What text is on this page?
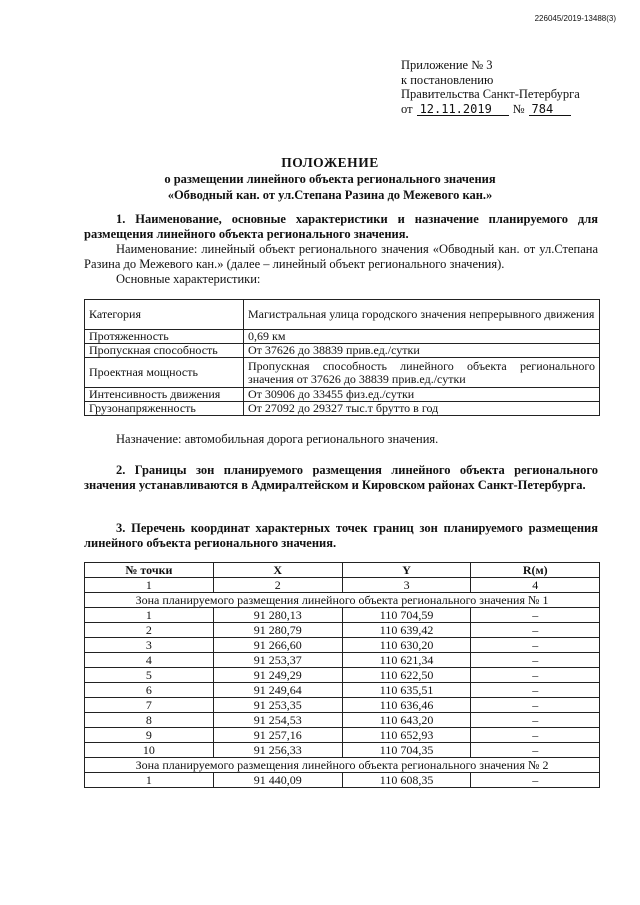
226045/2019-13488(3)
Приложение № 3
к постановлению
Правительства Санкт-Петербурга
от 12.11.2019 № 784
ПОЛОЖЕНИЕ
о размещении линейного объекта регионального значения
«Обводный кан. от ул.Степана Разина до Межевого кан.»
1. Наименование, основные характеристики и назначение планируемого для размещения линейного объекта регионального значения.
Наименование: линейный объект регионального значения «Обводный кан. от ул.Степана Разина до Межевого кан.» (далее – линейный объект регионального значения).
Основные характеристики:
Категория	Магистральная улица городского значения непрерывного движения
Протяженность	0,69 км
Пропускная способность	От 37626 до 38839 прив.ед./сутки
Проектная мощность	Пропускная способность линейного объекта регионального значения от 37626 до 38839 прив.ед./сутки
Интенсивность движения	От 30906 до 33455 физ.ед./сутки
Грузонапряженность	От 27092 до 29327 тыс.т брутто в год
Назначение: автомобильная дорога регионального значения.
2. Границы зон планируемого размещения линейного объекта регионального значения устанавливаются в Адмиралтейском и Кировском районах Санкт-Петербурга.
3. Перечень координат характерных точек границ зон планируемого размещения линейного объекта регионального значения.
№ точки	X	Y	R(м)
1	2	3	4
Зона планируемого размещения линейного объекта регионального значения № 1			
1	91 280,13	110 704,59	–
2	91 280,79	110 639,42	–
3	91 266,60	110 630,20	–
4	91 253,37	110 621,34	–
5	91 249,29	110 622,50	–
6	91 249,64	110 635,51	–
7	91 253,35	110 636,46	–
8	91 254,53	110 643,20	–
9	91 257,16	110 652,93	–
10	91 256,33	110 704,35	–
Зона планируемого размещения линейного объекта регионального значения № 2			
1	91 440,09	110 608,35	–
